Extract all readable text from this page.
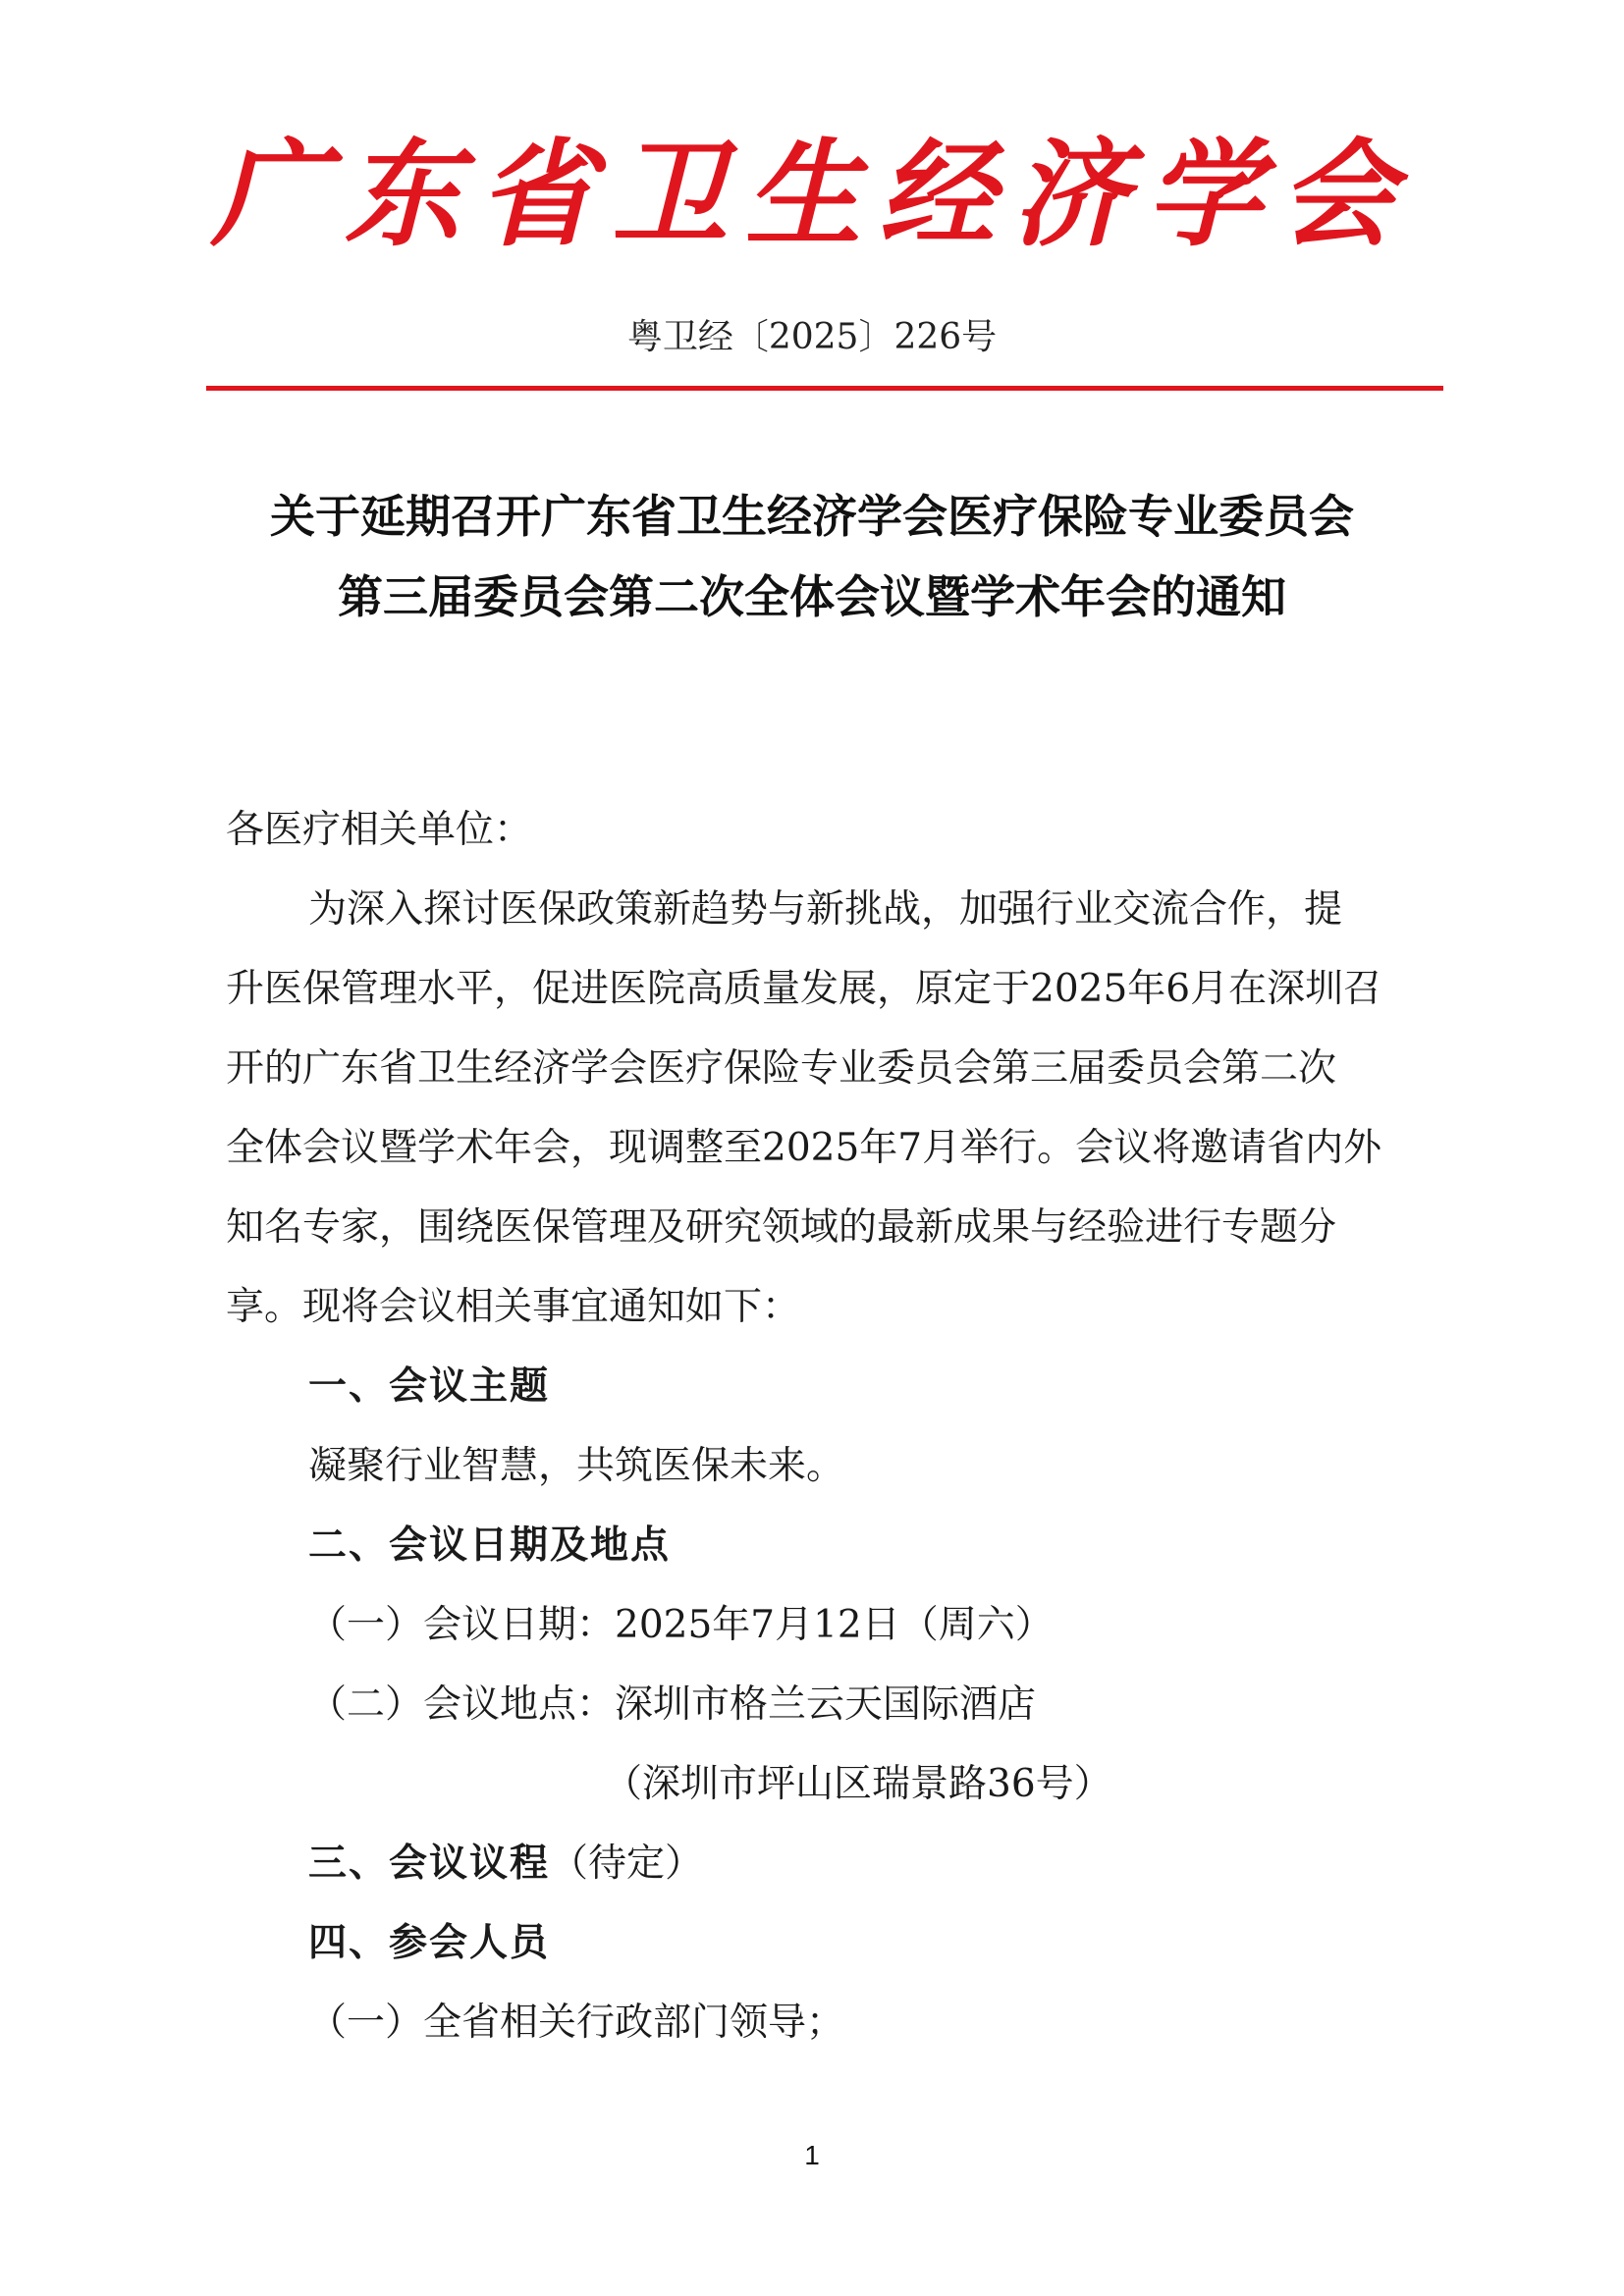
广东省卫生经济学会
粤卫经〔2025〕226号
关于延期召开广东省卫生经济学会医疗保险专业委员会
第三届委员会第二次全体会议暨学术年会的通知

各医疗相关单位：

为深入探讨医保政策新趋势与新挑战，加强行业交流合作，提

升医保管理水平，促进医院高质量发展，原定于2025年6月在深圳召

开的广东省卫生经济学会医疗保险专业委员会第三届委员会第二次

全体会议暨学术年会，现调整至2025年7月举行。会议将邀请省内外

知名专家，围绕医保管理及研究领域的最新成果与经验进行专题分

享。现将会议相关事宜通知如下：

一、会议主题

凝聚行业智慧，共筑医保未来。

二、会议日期及地点

（一）会议日期：2025年7月12日（周六）

（二）会议地点：深圳市格兰云天国际酒店

（深圳市坪山区瑞景路36号）

三、会议议程（待定）

四、参会人员

（一）全省相关行政部门领导；

1
